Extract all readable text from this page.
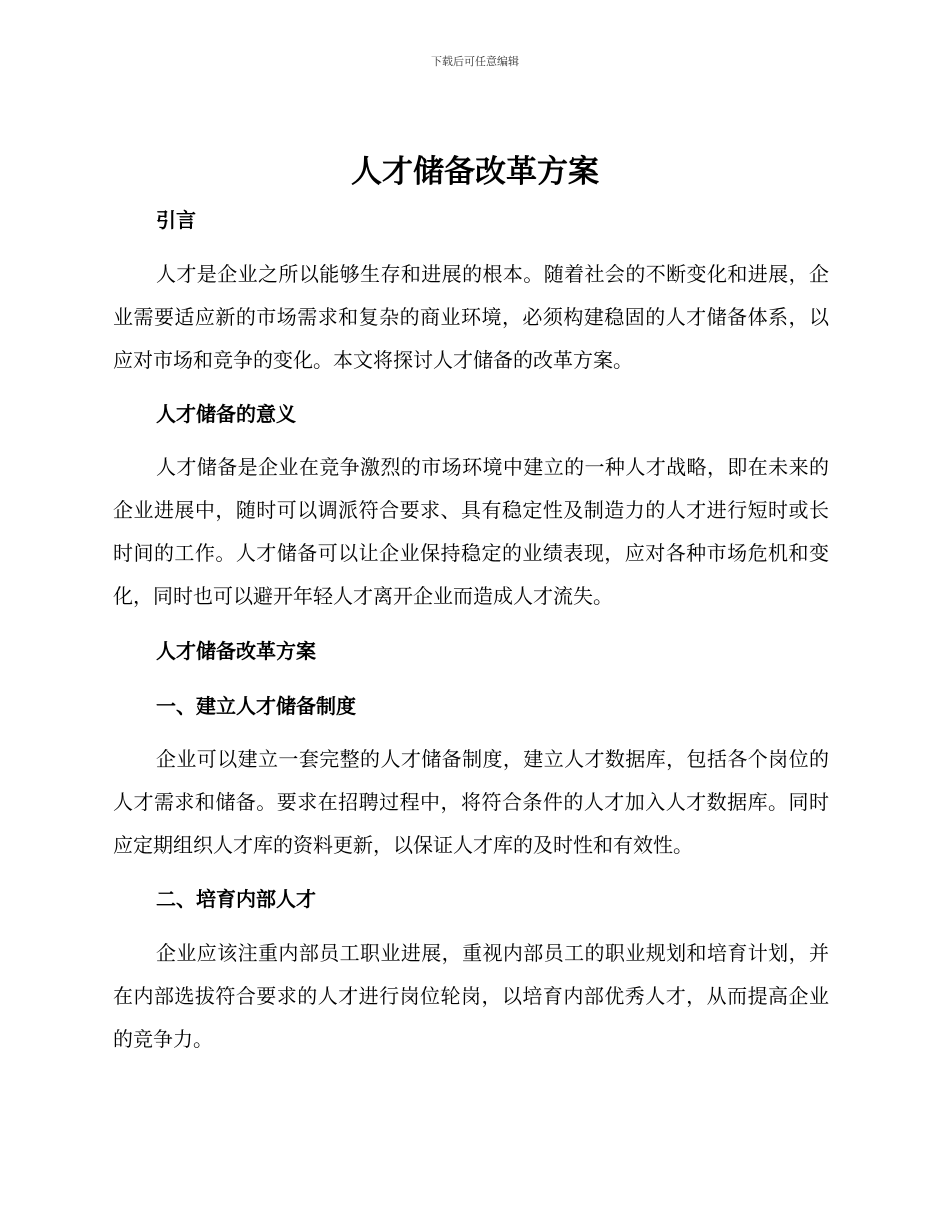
下载后可任意编辑
人才储备改革方案
引言

人才是企业之所以能够生存和进展的根本。随着社会的不断变化和进展，企业需要适应新的市场需求和复杂的商业环境，必须构建稳固的人才储备体系，以应对市场和竞争的变化。本文将探讨人才储备的改革方案。

人才储备的意义

人才储备是企业在竞争激烈的市场环境中建立的一种人才战略，即在未来的企业进展中，随时可以调派符合要求、具有稳定性及制造力的人才进行短时或长时间的工作。人才储备可以让企业保持稳定的业绩表现，应对各种市场危机和变化，同时也可以避开年轻人才离开企业而造成人才流失。

人才储备改革方案
一、建立人才储备制度

企业可以建立一套完整的人才储备制度，建立人才数据库，包括各个岗位的人才需求和储备。要求在招聘过程中，将符合条件的人才加入人才数据库。同时应定期组织人才库的资料更新，以保证人才库的及时性和有效性。

二、培育内部人才

企业应该注重内部员工职业进展，重视内部员工的职业规划和培育计划，并在内部选拔符合要求的人才进行岗位轮岗，以培育内部优秀人才，从而提高企业的竞争力。
